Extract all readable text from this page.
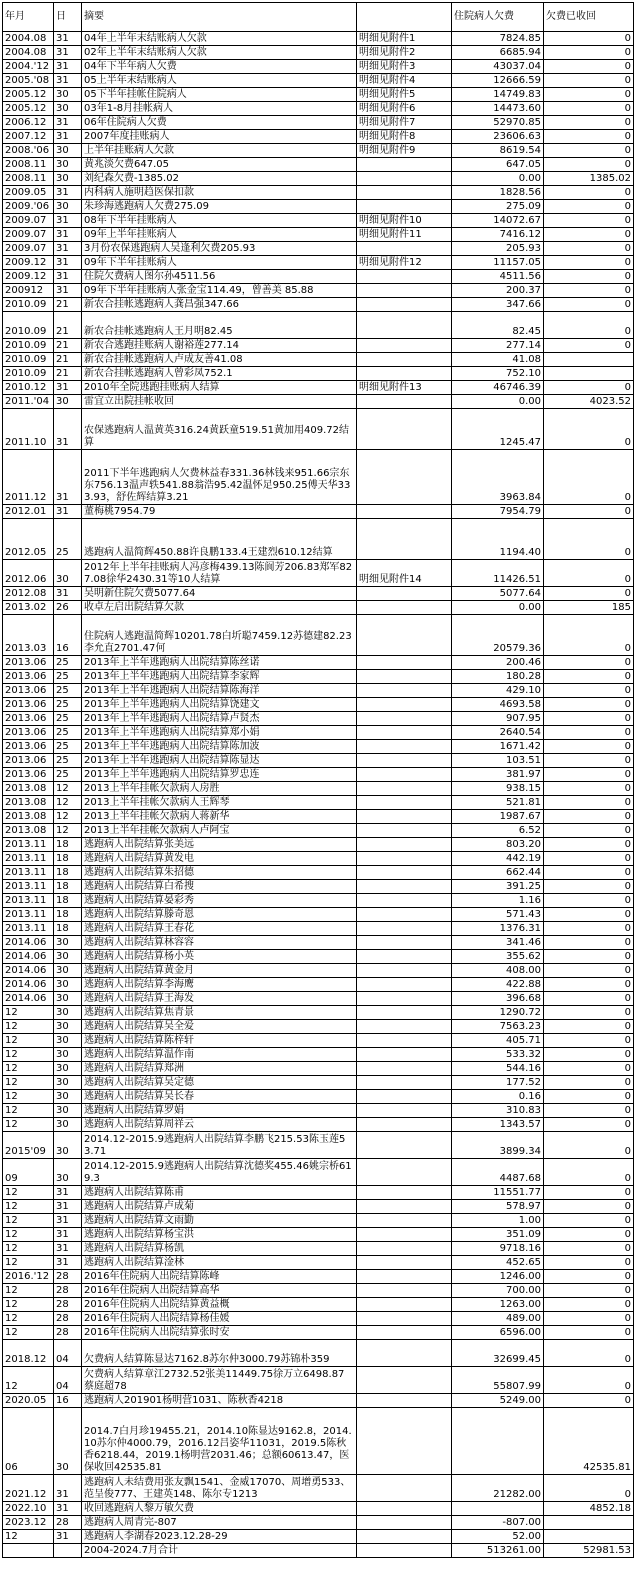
年月	日	摘要		住院病人欠费	欠费已收回
2004.08	31	04年上半年末结账病人欠款	明细见附件1	7824.85	0
2004.08	31	02年上半年末结账病人欠款	明细见附件2	6685.94	0
2004.'12	31	04年下半年病人欠费	明细见附件3	43037.04	0
2005.'08	31	05上半年末结账病人	明细见附件4	12666.59	0
2005.12	30	05下半年挂帐住院病人	明细见附件5	14749.83	0
2005.12	30	03年1-8月挂帐病人	明细见附件6	14473.60	0
2006.12	31	06年住院病人欠费	明细见附件7	52970.85	0
2007.12	31	2007年度挂账病人	明细见附件8	23606.63	0
2008.'06	30	上半年挂账病人欠款	明细见附件9	8619.54	0
2008.11	30	黄兆淡欠费647.05		647.05	0
2008.11	30	刘纪森欠费-1385.02		0.00	1385.02
2009.05	31	内科病人施明趋医保扣款		1828.56	0
2009.'06	30	朱珍海逃跑病人欠费275.09		275.09	0
2009.07	31	08年下半年挂账病人	明细见附件10	14072.67	0
2009.07	31	09年上半年挂账病人	明细见附件11	7416.12	0
2009.07	31	3月份农保逃跑病人吴逢利欠费205.93		205.93	0
2009.12	31	09年下半年挂账病人	明细见附件12	11157.05	0
2009.12	31	住院欠费病人图尔孙4511.56		4511.56	0
200912	31	09年下半年挂账病人张金宝114.49，曾善美 85.88		200.37	0
2010.09	21	新农合挂帐逃跑病人龚昌强347.66		347.66	0
2010.09	21	新农合挂帐逃跑病人王月明82.45		82.45	0
2010.09	21	新农合逃跑挂账病人谢裕莲277.14		277.14	0
2010.09	21	新农合挂帐逃跑病人卢成友善41.08		41.08	
2010.09	21	新农合挂帐逃跑病人曾彩凤752.1		752.10	
2010.12	31	2010年全院逃跑挂账病人结算	明细见附件13	46746.39	0
2011.'04	30	雷宜立出院挂帐收回		0.00	4023.52
2011.10	31	农保逃跑病人温黄英316.24黄跃童519.51黄加用409.72结算		1245.47	0
2011.12	31	2011下半年逃跑病人欠费林益春331.36林钱来951.66宗东东756.13温声轶541.88翁浩95.42温怀足950.25傅天华333.93，舒佐辉结算3.21		3963.84	0
2012.01	31	董梅桃7954.79		7954.79	0
2012.05	25	逃跑病人温简辉450.88许良鹏133.4王建烈610.12结算		1194.40	0
2012.06	30	2012年上半年挂账病人冯彦梅439.13陈阆芳206.83郑军827.08徐华2430.31等10人结算	明细见附件14	11426.51	0
2012.08	31	吴明新住院欠费5077.64		5077.64	0
2013.02	26	收卓左启出院结算欠款		0.00	185
2013.03	16	住院病人逃跑温简辉10201.78白圻聪7459.12苏德建82.23李允直2701.47何		20579.36	0
2013.06	25	2013年上半年逃跑病人出院结算陈丝诺		200.46	0
2013.06	25	2013年上半年逃跑病人出院结算李家辉		180.28	0
2013.06	25	2013年上半年逃跑病人出院结算陈海洋		429.10	0
2013.06	25	2013年上半年逃跑病人出院结算饶建文		4693.58	0
2013.06	25	2013年上半年逃跑病人出院结算卢贤杰		907.95	0
2013.06	25	2013年上半年逃跑病人出院结算郑小娟		2640.54	0
2013.06	25	2013年上半年逃跑病人出院结算陈加波		1671.42	0
2013.06	25	2013年上半年逃跑病人出院结算陈显达		103.51	0
2013.06	25	2013年上半年逃跑病人出院结算罗忠连		381.97	0
2013.08	12	2013上半年挂帐欠款病人房胜		938.15	0
2013.08	12	2013上半年挂帐欠款病人王辉琴		521.81	0
2013.08	12	2013上半年挂帐欠款病人蒋新华		1987.67	0
2013.08	12	2013上半年挂帐欠款病人卢阿宝		6.52	0
2013.11	18	逃跑病人出院结算张美远		803.20	0
2013.11	18	逃跑病人出院结算黄发电		442.19	0
2013.11	18	逃跑病人出院结算朱招德		662.44	0
2013.11	18	逃跑病人出院结算白希搜		391.25	0
2013.11	18	逃跑病人出院结算晏彩秀		1.16	0
2013.11	18	逃跑病人出院结算滕奇恩		571.43	0
2013.11	18	逃跑病人出院结算王春花		1376.31	0
2014.06	30	逃跑病人出院结算林容容		341.46	0
2014.06	30	逃跑病人出院结算杨小英		355.62	0
2014.06	30	逃跑病人出院结算黄金月		408.00	0
2014.06	30	逃跑病人出院结算李海鹰		422.88	0
2014.06	30	逃跑病人出院结算王海发		396.68	0
12	30	逃跑病人出院结算焦青景		1290.72	0
12	30	逃跑病人出院结算吴全爱		7563.23	0
12	30	逃跑病人出院结算陈梓轩		405.71	0
12	30	逃跑病人出院结算温作南		533.32	0
12	30	逃跑病人出院结算郑洲		544.16	0
12	30	逃跑病人出院结算吴定德		177.52	0
12	30	逃跑病人出院结算吴长春		0.16	0
12	30	逃跑病人出院结算罗娟		310.83	0
12	30	逃跑病人出院结算周祥云		1343.57	0
2015'09	30	2014.12-2015.9逃跑病人出院结算李鹏飞215.53陈玉莲53.71		3899.34	0
09	30	2014.12-2015.9逃跑病人出院结算沈德奖455.46姚宗桥619.3		4487.68	0
12	31	逃跑病人出院结算陈甫		11551.77	0
12	31	逃跑病人出院结算卢成菊		578.97	0
12	31	逃跑病人出院结算文雨勤		1.00	0
12	31	逃跑病人出院结算杨宝洪		351.09	0
12	31	逃跑病人出院结算杨凯		9718.16	0
12	31	逃跑病人出院结算淦林		452.65	0
2016.'12	28	2016年住院病人出院结算陈峰		1246.00	0
12	28	2016年住院病人出院结算高华		700.00	0
12	28	2016年住院病人出院结算黄益概		1263.00	0
12	28	2016年住院病人出院结算杨佳媛		489.00	0
12	28	2016年住院病人出院结算张时安		6596.00	0
2018.12	04	欠费病人结算陈显达7162.8苏尔仲3000.79苏锦朴359		32699.45	0
12	04	欠费病人结算章江2732.52张美11449.75徐万立6498.87蔡庭超78		55807.99	0
2020.05	16	逃跑病人201901杨明营1031、陈秋香4218		5249.00	0
06	30	2014.7白月珍19455.21，2014.10陈显达9162.8，2014.10苏尔仲4000.79，2016.12吕姿华11031，2019.5陈秋香6218.44，2019.1杨明营2031.46；总额60613.47，医保收回42535.81			42535.81
2021.12	31	逃跑病人未结费用张友飘1541、金威17070、周增勇533、范呈俊777、王建英148、陈尔专1213		21282.00	0
2022.10	31	收回逃跑病人黎万敏欠费			4852.18
2023.12	28	逃跑病人周青完-807		-807.00	
12	31	逃跑病人李湖春2023.12.28-29		52.00	
		2004-2024.7月合计		513261.00	52981.53
